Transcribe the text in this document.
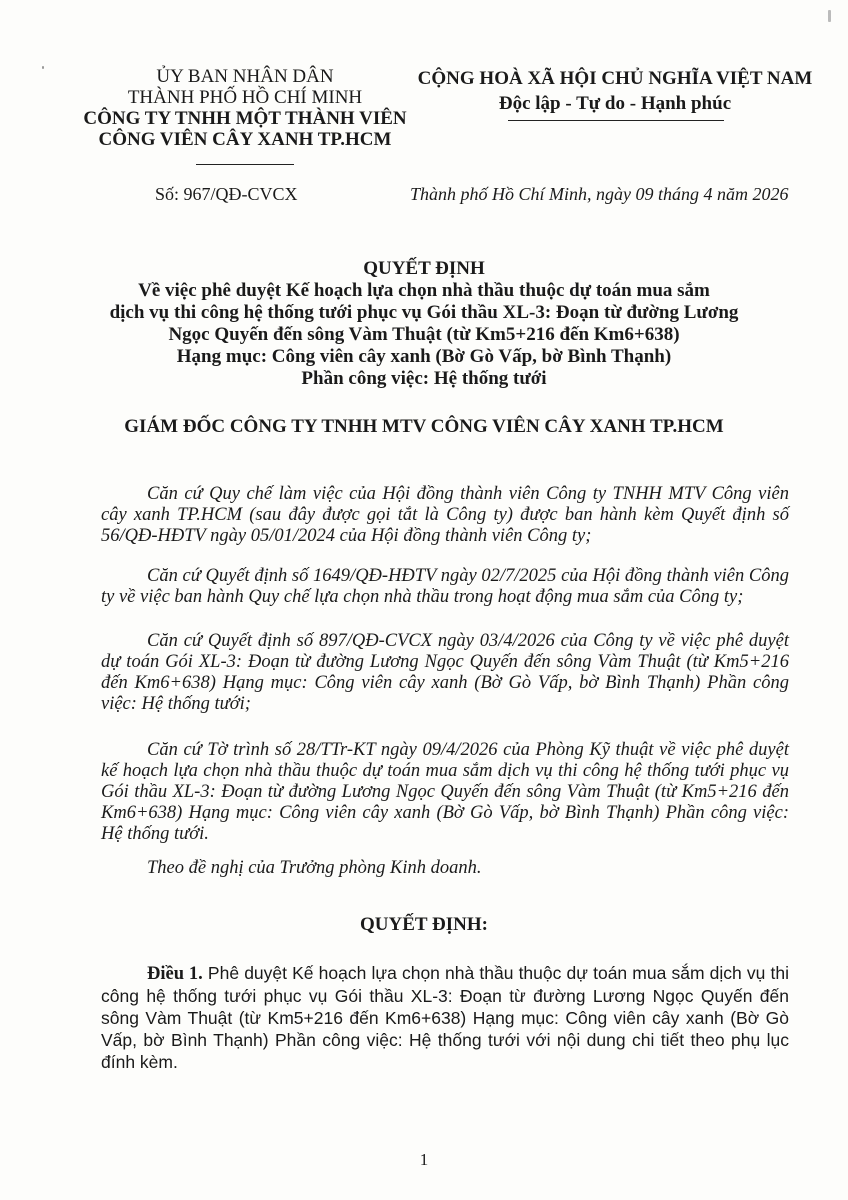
ỦY BAN NHÂN DÂN
THÀNH PHỐ HỒ CHÍ MINH
CÔNG TY TNHH MỘT THÀNH VIÊN
CÔNG VIÊN CÂY XANH TP.HCM
CỘNG HOÀ XÃ HỘI CHỦ NGHĨA VIỆT NAM
Độc lập - Tự do - Hạnh phúc
Số: 967/QĐ-CVCX	Thành phố Hồ Chí Minh, ngày 09 tháng 4 năm 2026
QUYẾT ĐỊNH
Về việc phê duyệt Kế hoạch lựa chọn nhà thầu thuộc dự toán mua sắm
dịch vụ thi công hệ thống tưới phục vụ Gói thầu XL-3: Đoạn từ đường Lương
Ngọc Quyến đến sông Vàm Thuật (từ Km5+216 đến Km6+638)
Hạng mục: Công viên cây xanh (Bờ Gò Vấp, bờ Bình Thạnh)
Phần công việc: Hệ thống tưới
GIÁM ĐỐC CÔNG TY TNHH MTV CÔNG VIÊN CÂY XANH TP.HCM
Căn cứ Quy chế làm việc của Hội đồng thành viên Công ty TNHH MTV Công viên cây xanh TP.HCM (sau đây được gọi tắt là Công ty) được ban hành kèm Quyết định số 56/QĐ-HĐTV ngày 05/01/2024 của Hội đồng thành viên Công ty;
Căn cứ Quyết định số 1649/QĐ-HĐTV ngày 02/7/2025 của Hội đồng thành viên Công ty về việc ban hành Quy chế lựa chọn nhà thầu trong hoạt động mua sắm của Công ty;
Căn cứ Quyết định số 897/QĐ-CVCX ngày 03/4/2026 của Công ty về việc phê duyệt dự toán Gói XL-3: Đoạn từ đường Lương Ngọc Quyến đến sông Vàm Thuật (từ Km5+216 đến Km6+638) Hạng mục: Công viên cây xanh (Bờ Gò Vấp, bờ Bình Thạnh) Phần công việc: Hệ thống tưới;
Căn cứ Tờ trình số 28/TTr-KT ngày 09/4/2026 của Phòng Kỹ thuật về việc phê duyệt kế hoạch lựa chọn nhà thầu thuộc dự toán mua sắm dịch vụ thi công hệ thống tưới phục vụ Gói thầu XL-3: Đoạn từ đường Lương Ngọc Quyến đến sông Vàm Thuật (từ Km5+216 đến Km6+638) Hạng mục: Công viên cây xanh (Bờ Gò Vấp, bờ Bình Thạnh) Phần công việc: Hệ thống tưới.
Theo đề nghị của Trưởng phòng Kinh doanh.
QUYẾT ĐỊNH:
Điều 1. Phê duyệt Kế hoạch lựa chọn nhà thầu thuộc dự toán mua sắm dịch vụ thi công hệ thống tưới phục vụ Gói thầu XL-3: Đoạn từ đường Lương Ngọc Quyến đến sông Vàm Thuật (từ Km5+216 đến Km6+638) Hạng mục: Công viên cây xanh (Bờ Gò Vấp, bờ Bình Thạnh) Phần công việc: Hệ thống tưới với nội dung chi tiết theo phụ lục đính kèm.
1
